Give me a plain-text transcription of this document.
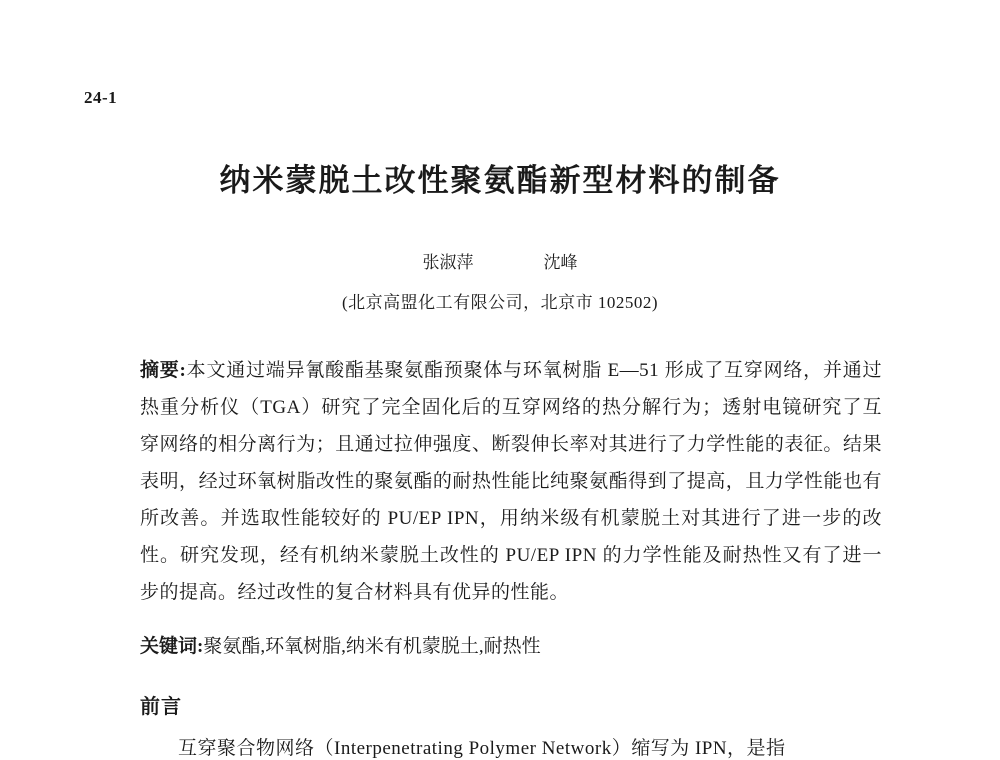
24-1
纳米蒙脱土改性聚氨酯新型材料的制备
张淑萍	沈峰
(北京高盟化工有限公司，北京市 102502)
摘要:本文通过端异氰酸酯基聚氨酯预聚体与环氧树脂 E—51 形成了互穿网络，并通过热重分析仪（TGA）研究了完全固化后的互穿网络的热分解行为；透射电镜研究了互穿网络的相分离行为；且通过拉伸强度、断裂伸长率对其进行了力学性能的表征。结果表明，经过环氧树脂改性的聚氨酯的耐热性能比纯聚氨酯得到了提高，且力学性能也有所改善。并选取性能较好的 PU/EP IPN，用纳米级有机蒙脱土对其进行了进一步的改性。研究发现，经有机纳米蒙脱土改性的 PU/EP IPN 的力学性能及耐热性又有了进一步的提高。经过改性的复合材料具有优异的性能。
关键词:聚氨酯,环氧树脂,纳米有机蒙脱土,耐热性
前言
互穿聚合物网络（Interpenetrating Polymer Network）缩写为 IPN，是指
